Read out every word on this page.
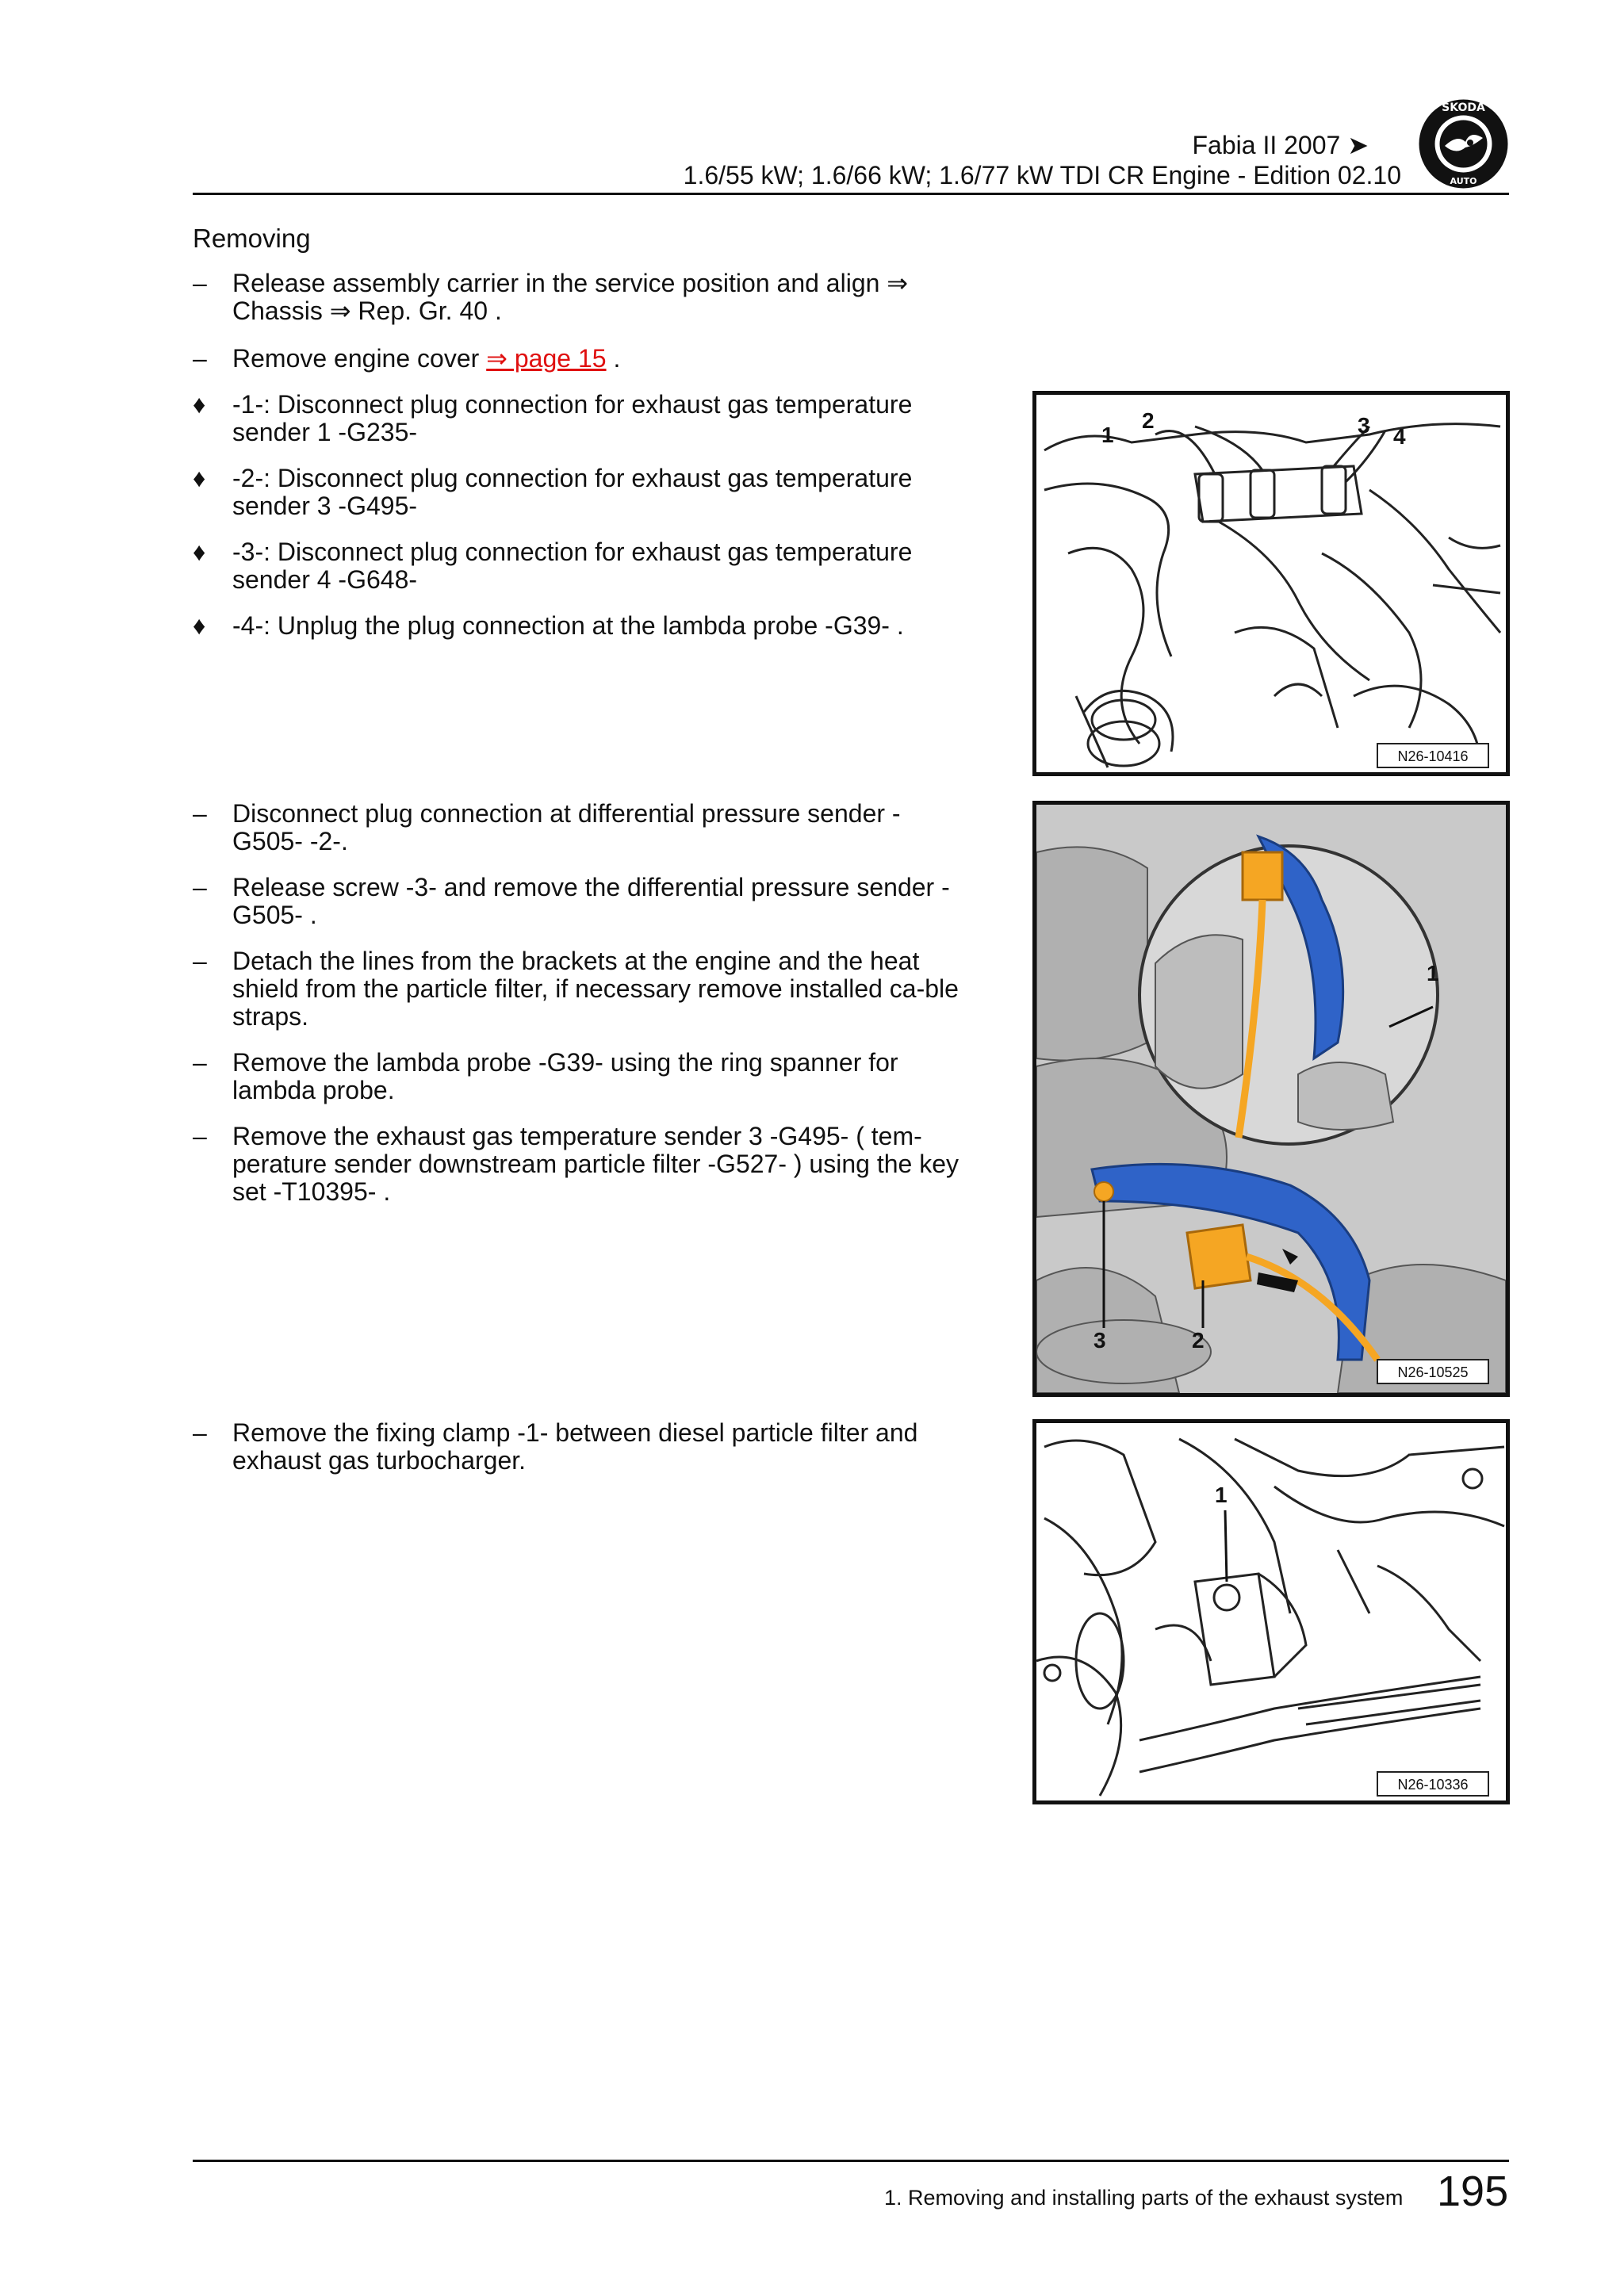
Fabia II 2007 ➤
1.6/55 kW; 1.6/66 kW; 1.6/77 kW TDI CR Engine - Edition 02.10
SKODA
AUTO
Removing
–	Release assembly carrier in the service position and align ⇒ Chassis ⇒ Rep. Gr. 40 .
–	Remove engine cover ⇒ page 15 .
♦	-1-: Disconnect plug connection for exhaust gas temperature sender 1 -G235-
♦	-2-: Disconnect plug connection for exhaust gas temperature sender 3 -G495-
♦	-3-: Disconnect plug connection for exhaust gas temperature sender 4 -G648-
♦	-4-: Unplug the plug connection at the lambda probe -G39- .
–	Disconnect plug connection at differential pressure sender -G505- -2-.
–	Release screw -3- and remove the differential pressure sender -G505- .
–	Detach the lines from the brackets at the engine and the heat shield from the particle filter, if necessary remove installed ca-ble straps.
–	Remove the lambda probe -G39- using the ring spanner for lambda probe.
–	Remove the exhaust gas temperature sender 3 -G495- ( tem-perature sender downstream particle filter -G527- ) using the key set -T10395- .
–	Remove the fixing clamp -1- between diesel particle filter and exhaust gas turbocharger.
1
2	3 4
N26-10416
1
3	2
N26-10525
1
N26-10336
1. Removing and installing parts of the exhaust system 195
